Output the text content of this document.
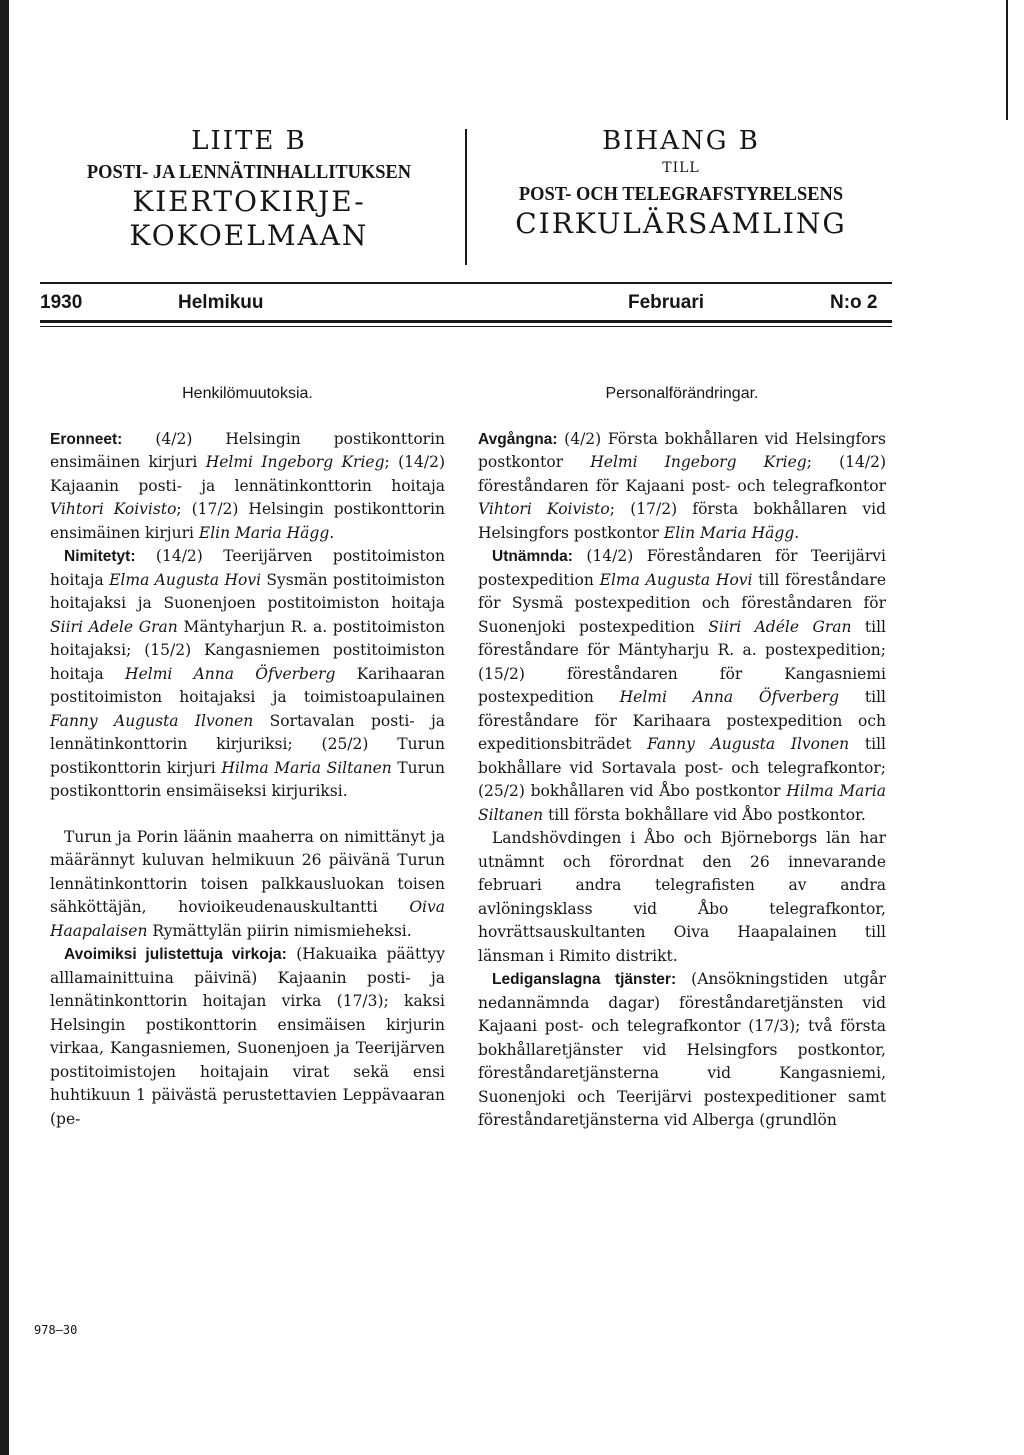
LIITE B
POSTI- JA LENNÄTINHALLITUKSEN
KIERTOKIRJE-
KOKOELMAAN
BIHANG B
TILL
POST- OCH TELEGRAFSTYRELSENS
CIRKULÄRSAMLING
1930	Helmikuu	Februari	N:o 2
Henkilömuutoksia.

Eronneet: (4/2) Helsingin postikonttorin ensimäinen kirjuri Helmi Ingeborg Krieg; (14/2) Kajaanin posti- ja lennätinkonttorin hoitaja Vihtori Koivisto; (17/2) Helsingin postikonttorin ensimäinen kirjuri Elin Maria Hägg.

Nimitetyt: (14/2) Teerijärven postitoimiston hoitaja Elma Augusta Hovi Sysmän postitoimiston hoitajaksi ja Suonenjoen postitoimiston hoitaja Siiri Adele Gran Mäntyharjun R. a. postitoimiston hoitajaksi; (15/2) Kangasniemen postitoimiston hoitaja Helmi Anna Öfverberg Karihaaran postitoimiston hoitajaksi ja toimistoapulainen Fanny Augusta Ilvonen Sortavalan posti- ja lennätinkonttorin kirjuriksi; (25/2) Turun postikonttorin kirjuri Hilma Maria Siltanen Turun postikonttorin ensimäiseksi kirjuriksi.

Turun ja Porin läänin maaherra on nimittänyt ja määrännyt kuluvan helmikuun 26 päivänä Turun lennätinkonttorin toisen palkkausluokan toisen sähköttäjän, hovioikeudenauskultantti Oiva Haapalaisen Rymättylän piirin nimismieheksi.

Avoimiksi julistettuja virkoja: (Hakuaika päättyy alllamainittuina päivinä) Kajaanin posti- ja lennätinkonttorin hoitajan virka (17/3); kaksi Helsingin postikonttorin ensimäisen kirjurin virkaa, Kangasniemen, Suonenjoen ja Teerijärven postitoimistojen hoitajain virat sekä ensi huhtikuun 1 päivästä perustettavien Leppävaaran (pe-

Personalförändringar.

Avgångna: (4/2) Första bokhållaren vid Helsingfors postkontor Helmi Ingeborg Krieg; (14/2) föreståndaren för Kajaani post- och telegrafkontor Vihtori Koivisto; (17/2) första bokhållaren vid Helsingfors postkontor Elin Maria Hägg.

Utnämnda: (14/2) Föreståndaren för Teerijärvi postexpedition Elma Augusta Hovi till föreståndare för Sysmä postexpedition och föreståndaren för Suonenjoki postexpedition Siiri Adéle Gran till föreståndare för Mäntyharju R. a. postexpedition; (15/2) föreståndaren för Kangasniemi postexpedition Helmi Anna Öfverberg till föreståndare för Karihaara postexpedition och expeditionsbiträdet Fanny Augusta Ilvonen till bokhållare vid Sortavala post- och telegrafkontor; (25/2) bokhållaren vid Åbo postkontor Hilma Maria Siltanen till första bokhållare vid Åbo postkontor.

Landshövdingen i Åbo och Björneborgs län har utnämnt och förordnat den 26 innevarande februari andra telegrafisten av andra avlöningsklass vid Åbo telegrafkontor, hovrättsauskultanten Oiva Haapalainen till länsman i Rimito distrikt.

Lediganslagna tjänster: (Ansökningstiden utgår nedannämnda dagar) föreståndaretjänsten vid Kajaani post- och telegrafkontor (17/3); två första bokhållaretjänster vid Helsingfors postkontor, föreståndaretjänsterna vid Kangasniemi, Suonenjoki och Teerijärvi postexpeditioner samt föreståndaretjänsterna vid Alberga (grundlön

978—30
